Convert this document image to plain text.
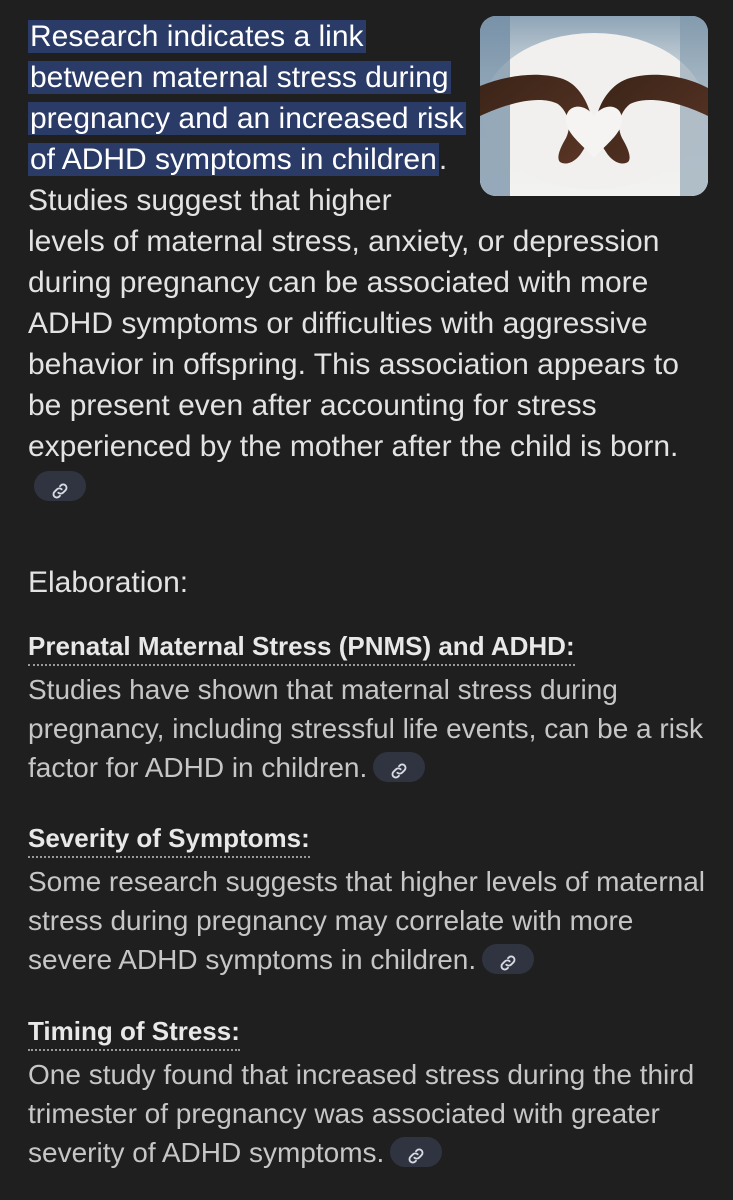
Research indicates a link between maternal stress during pregnancy and an increased risk of ADHD symptoms in children. Studies suggest that higher levels of maternal stress, anxiety, or depression during pregnancy can be associated with more ADHD symptoms or difficulties with aggressive behavior in offspring. This association appears to be present even after accounting for stress experienced by the mother after the child is born.
Elaboration:
Prenatal Maternal Stress (PNMS) and ADHD:
Studies have shown that maternal stress during pregnancy, including stressful life events, can be a risk factor for ADHD in children.
Severity of Symptoms:
Some research suggests that higher levels of maternal stress during pregnancy may correlate with more severe ADHD symptoms in children.
Timing of Stress:
One study found that increased stress during the third trimester of pregnancy was associated with greater severity of ADHD symptoms.
